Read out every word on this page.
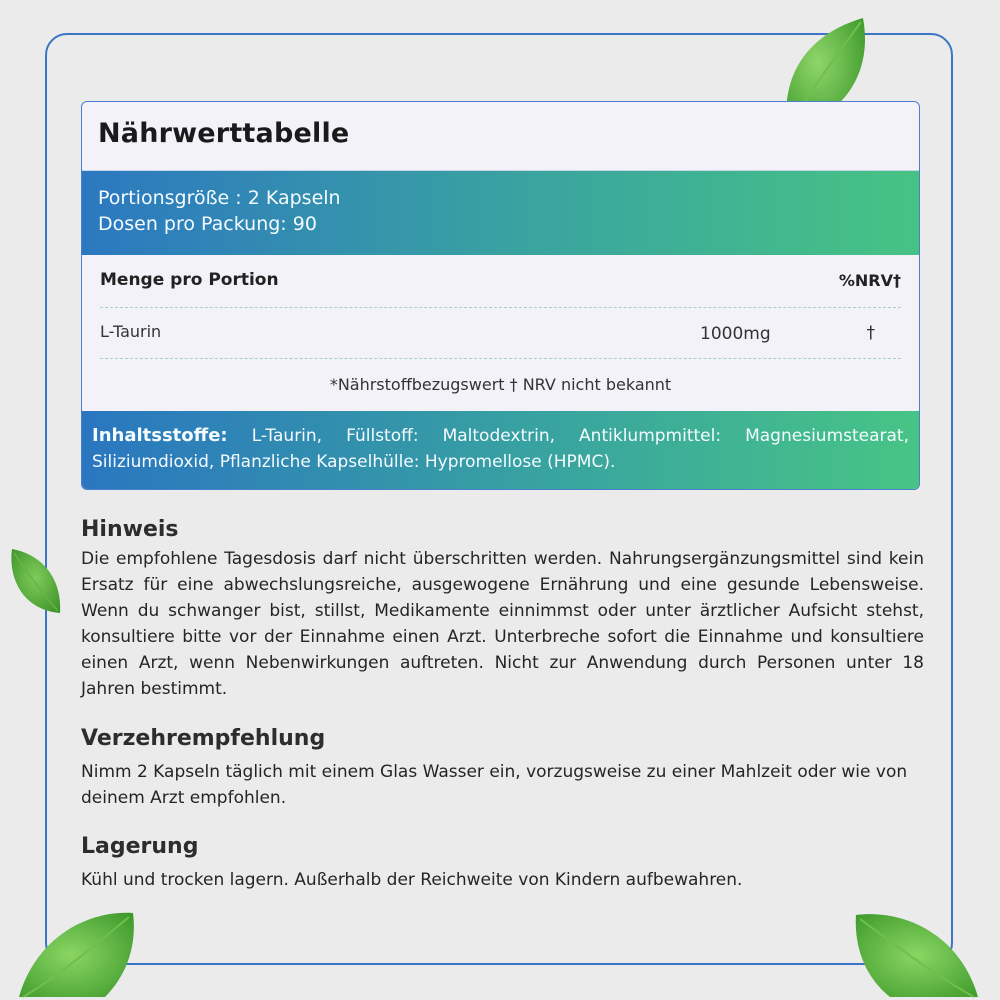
Nährwerttabelle
Portionsgröße : 2 Kapseln
Dosen pro Packung: 90
Menge pro Portion	%NRV†
L-Taurin	1000mg	†
*Nährstoffbezugswert † NRV nicht bekannt
Inhaltsstoffe: L-Taurin, Füllstoff: Maltodextrin, Antiklumpmittel: Magnesiumstearat, Siliziumdioxid, Pflanzliche Kapselhülle: Hypromellose (HPMC).
Hinweis

Die empfohlene Tagesdosis darf nicht überschritten werden. Nahrungsergänzungsmittel sind kein Ersatz für eine abwechslungsreiche, ausgewogene Ernährung und eine gesunde Lebensweise. Wenn du schwanger bist, stillst, Medikamente einnimmst oder unter ärztlicher Aufsicht stehst, konsultiere bitte vor der Einnahme einen Arzt. Unterbreche sofort die Einnahme und konsultiere einen Arzt, wenn Nebenwirkungen auftreten. Nicht zur Anwendung durch Personen unter 18 Jahren bestimmt.

Verzehrempfehlung

Nimm 2 Kapseln täglich mit einem Glas Wasser ein, vorzugsweise zu einer Mahlzeit oder wie von deinem Arzt empfohlen.

Lagerung

Kühl und trocken lagern. Außerhalb der Reichweite von Kindern aufbewahren.
